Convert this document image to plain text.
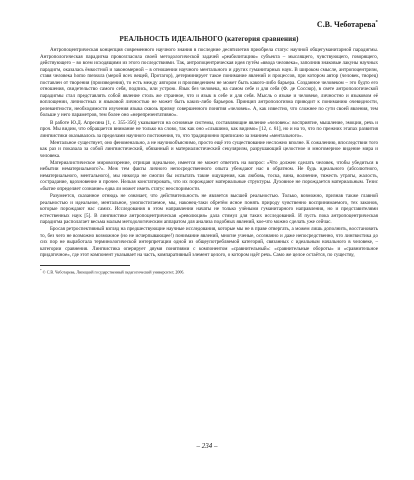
С.В. Чеботарева*
РЕАЛЬНОСТЬ ИДЕАЛЬНОГО (категория сравнения)

Антропоцентрическая концепция современного научного знания в последние десятилетия приобрела статус научной общегуманитарной парадигмы. Антропологическая парадигма провозгласила своей методологической задачей «реабилитацию» субъекта – мыслящего, чувствующего, говорящего, действующего – во всем исходящими из этого последствиями. Так, антропоцентрическая идея путём «ввода человека», заполнив знаковые лакуны научных парадигм, оказалась ёмкостной и закономерной – в отношении научного ментального и других гуманитарных наук. В широком смысле, антропоцентризм, ставя человека homo mensura (мерой всех вещей, Протагор), детерминирует такое понимание явлений и процессов, при котором автор (человек, творец) поставлен от творения (произведения), то есть между автором и произведением не может быть какого-либо барьера. Созданное человеком – это будто его отношения, свидетельство самого себя, подпись, или устрою. Язык без человека, на самом себе и для себя (Ф. де Соссюр), в свете антропологической парадигмы стал представлять собой явление столь же странное, что и язык в себе и для себя. Мысль о языке и человеке, личностно и языковом её воплощении, личностных и языковой личностью не может быть каких-либо барьеров. Принцип антропологизма приводит к пониманию очевидности, релевантности, необходимости изучения языка сквозь призму совершенного понятия «человек». А, как известно, что сложнее по сути своей явления, тем больше у него параметров, тем более оно «нерепрезентативно».

В работе Ю.Д. Апресяна [1, с. 355-356] указывается на основные системы, составляющие явление «человек»: восприятие, мышление, эмоции, речь и проч. Мы видим, что обращается внимание не только на слово, так как оно «слышимо, как видимо» [12, с. 61], но и на то, что по прежних этапах развития лингвистики оказывалось за пределами научного постижения, то, что традиционно приписано за знанием «ментального».

Ментальное существует, оно феноменально, а не научнообъяснимо, просто ещё это существование несложно вполне. К сожалению, впоследствии того как раз и показала за собой лингвистический, обязанный и материалистический секуляризм, разрушающий целостное и многомерное видение мира и человека.

Материалистическое мировоззрение, отрицая идеальное, имеется не может ответить на вопрос: «Что должен сделать человек, чтобы убедиться в небытии нематериального?». Меж тем факты личного непосредственного опыта убеждают нас в обратном. Не будь идеального (абсолютного, нематериального, ментального), мы никогда не смогли бы испытать такие ощущения, как любовь, тоска, вина, волнение, тяжесть утраты, жалость, сострадание, вдохновение и прочее. Нельзя констатировать, что их порождают материальные структуры. Духовное не порождается материальным. Тезис «бытие определяет сознание» едва ли может иметь статус неоспоримости.

Разумеется, сказанное отнюдь не означает, что действительность не является высшей реальностью. Только, возможно, признав также главной реальностью и идеальное, ментальное, умопостигаемое, мы, наконец-таки обретём ясное понять природу чувственно воспринимаемого, тех законов, которые порождают нас самих. Исследования в этом направлении начаты не только учёными гуманитарного направления, но и представителями естественных наук [5]. В лингвистике антропоцентрическая «революция» дала стимул для таких исследований. И пусть пока антропоцентрическая парадигма располагает весьма малым методологическим аппаратом для анализа подобных явлений, кое-что можно сделать уже сейчас.

Бросая ретроспективный взгляд на предшествующие научные исследования, которые мы не в праве отвергать, а можем лишь дополнить, восстановить то, без чего не возможно возможное (но не исчерпывающее!) понимание явлений, многие ученые, осознанно и даже непосредственно, что лингвистика до сих пор не выработала терминологической интерпретации одной из общеупотребляемой категорий, связанных с идеальным начального в человеке, – категории сравнения. Лингвистика оперирует двумя понятиями с компонентом «сравнительный»: «сравнительные обороты» и «сравнительное придаточное», где этот компонент указывает на часть, компаративный элемент целого, о котором идёт речь. Само же целое остаётся, по существу,

* © С.В. Чеботарева, Липецкий государственный педагогический университет, 2006.

– 234 –
